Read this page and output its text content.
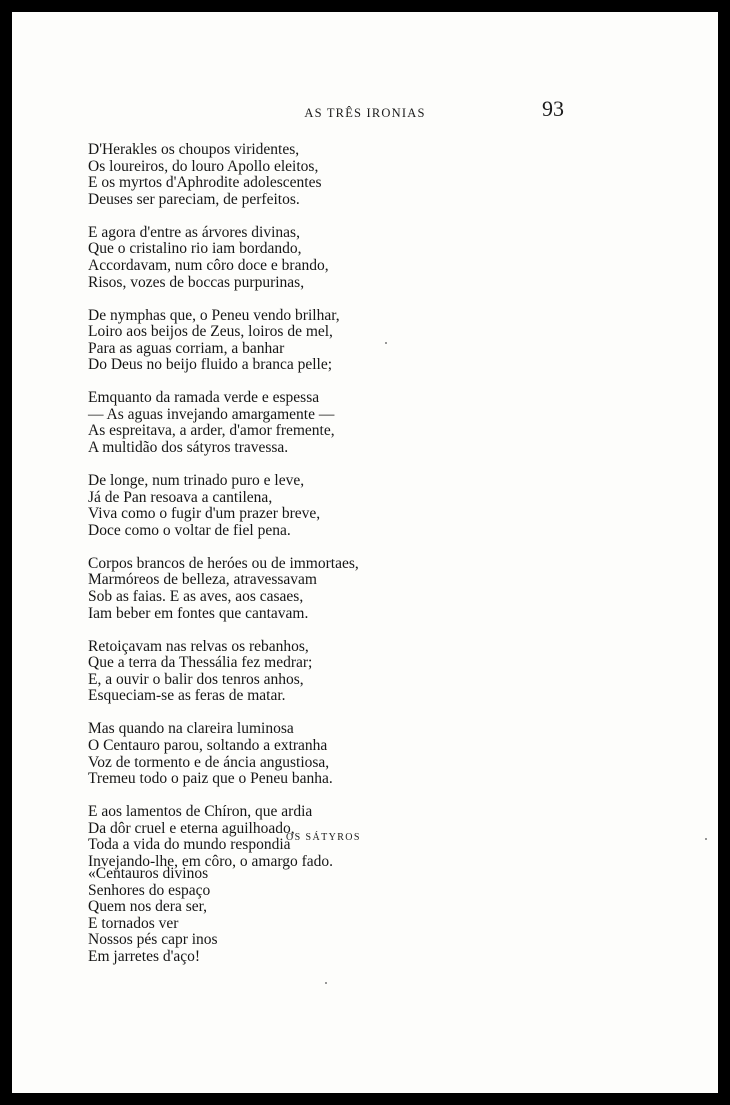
AS TRÊS IRONIAS	93
D'Herakles os choupos viridentes,
Os loureiros, do louro Apollo eleitos,
E os myrtos d'Aphrodite adolescentes
Deuses ser pareciam, de perfeitos.
E agora d'entre as árvores divinas,
Que o cristalino rio iam bordando,
Accordavam, num côro doce e brando,
Risos, vozes de boccas purpurinas,
De nymphas que, o Peneu vendo brilhar,
Loiro aos beijos de Zeus, loiros de mel,
Para as aguas corriam, a banhar
Do Deus no beijo fluido a branca pelle;
Emquanto da ramada verde e espessa
— As aguas invejando amargamente —
As espreitava, a arder, d'amor fremente,
A multidão dos sátyros travessa.
De longe, num trinado puro e leve,
Já de Pan resoava a cantilena,
Viva como o fugir d'um prazer breve,
Doce como o voltar de fiel pena.
Corpos brancos de heróes ou de immortaes,
Marmóreos de belleza, atravessavam
Sob as faias. E as aves, aos casaes,
Iam beber em fontes que cantavam.
Retoiçavam nas relvas os rebanhos,
Que a terra da Thessália fez medrar;
E, a ouvir o balir dos tenros anhos,
Esqueciam-se as feras de matar.
Mas quando na clareira luminosa
O Centauro parou, soltando a extranha
Voz de tormento e de áncia angustiosa,
Tremeu todo o paiz que o Peneu banha.
E aos lamentos de Chíron, que ardia
Da dôr cruel e eterna aguilhoado,
Toda a vida do mundo respondia
Invejando-lhe, em côro, o amargo fado.
OS SÁTYROS
«Centauros divinos
Senhores do espaço
Quem nos dera ser,
E tornados ver
Nossos pés capr inos
Em jarretes d'aço!
